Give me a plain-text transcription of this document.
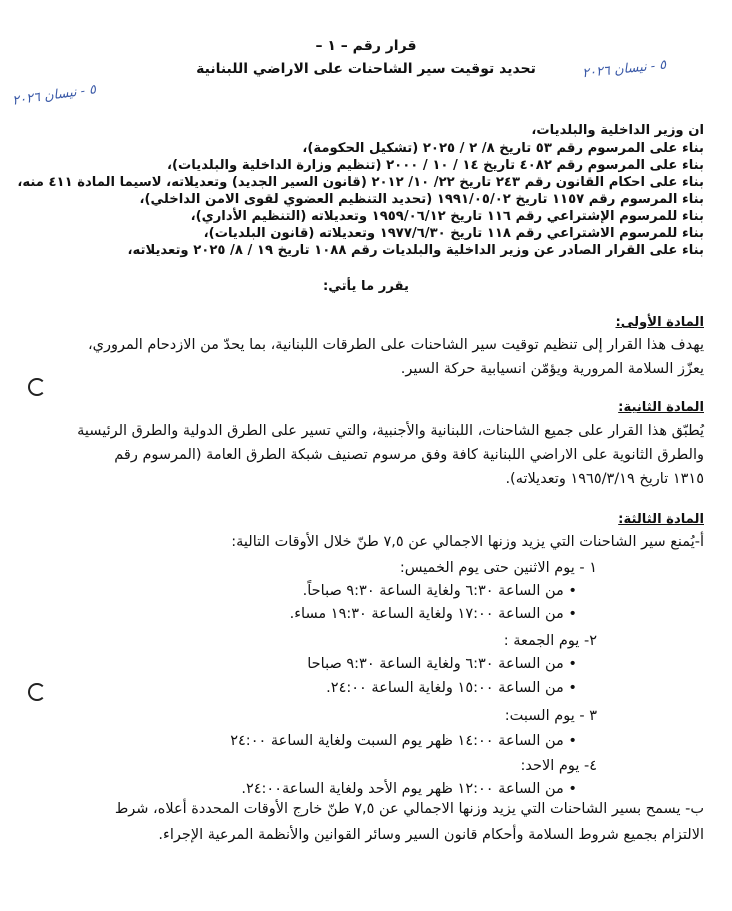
٥ - نيسان ٢٠٢٦
٥ - نيسان ٢٠٢٦
قرار رقم – ١ –
تحديد توقيت سير الشاحنات على الاراضي اللبنانية
ان وزير الداخلية والبلديات،
بناء على المرسوم رقم ٥٣ تاريخ ٨/ ٢ / ٢٠٢٥ (تشكيل الحكومة)،
بناء على المرسوم رقم ٤٠٨٢ تاريخ ١٤ / ١٠ / ٢٠٠٠ (تنظيم وزارة الداخلية والبلديات)،
بناء على احكام القانون رقم ٢٤٣ تاريخ ٢٢/ ١٠/ ٢٠١٢ (قانون السير الجديد) وتعديلاته، لاسيما المادة ٤١١ منه،
بناء المرسوم رقم ١١٥٧ تاريخ ١٩٩١/٠٥/٠٢ (تحديد التنظيم العضوي لقوى الامن الداخلي)،
بناء للمرسوم الإشتراعي رقم ١١٦ تاريخ ١٩٥٩/٠٦/١٢ وتعديلاته (التنظيم الأداري)،
بناء للمرسوم الاشتراعي رقم ١١٨ تاريخ ١٩٧٧/٦/٣٠ وتعديلاته (قانون البلديات)،
بناء على القرار الصادر عن وزير الداخلية والبلديات رقم ١٠٨٨ تاريخ ١٩ / ٨/ ٢٠٢٥ وتعديلاته،
يقرر ما يأتي:
المادة الأولى:
يهدف هذا القرار إلى تنظيم توقيت سير الشاحنات على الطرقات اللبنانية، بما يحدّ من الازدحام المروري،
يعزّز السلامة المرورية ويؤمّن انسيابية حركة السير.
المادة الثانية:
يُطبّق هذا القرار على جميع الشاحنات، اللبنانية والأجنبية، والتي تسير على الطرق الدولية والطرق الرئيسية
والطرق الثانوية على الاراضي اللبنانية كافة وفق مرسوم تصنيف شبكة الطرق العامة (المرسوم رقم
١٣١٥ تاريخ ١٩٦٥/٣/١٩ وتعديلاته).
المادة الثالثة:
أ-يُمنع سير الشاحنات التي يزيد وزنها الاجمالي عن ٧,٥ طنّ خلال الأوقات التالية:
١ - يوم الاثنين حتى يوم الخميس:
• من الساعة ٦:٣٠ ولغاية الساعة ٩:٣٠ صباحاً.
• من الساعة ١٧:٠٠ ولغاية الساعة ١٩:٣٠ مساء.
٢- يوم الجمعة :
• من الساعة ٦:٣٠ ولغاية الساعة ٩:٣٠ صباحا
• من الساعة ١٥:٠٠ ولغاية الساعة ٢٤:٠٠.
٣ - يوم السبت:
• من الساعة ١٤:٠٠ ظهر يوم السبت ولغاية الساعة ٢٤:٠٠
٤- يوم الاحد:
• من الساعة ١٢:٠٠ ظهر يوم الأحد ولغاية الساعة٢٤:٠٠.
ب- يسمح بسير الشاحنات التي يزيد وزنها الاجمالي عن ٧,٥ طنّ خارج الأوقات المحددة أعلاه، شرط
الالتزام بجميع شروط السلامة وأحكام قانون السير وسائر القوانين والأنظمة المرعية الإجراء.
